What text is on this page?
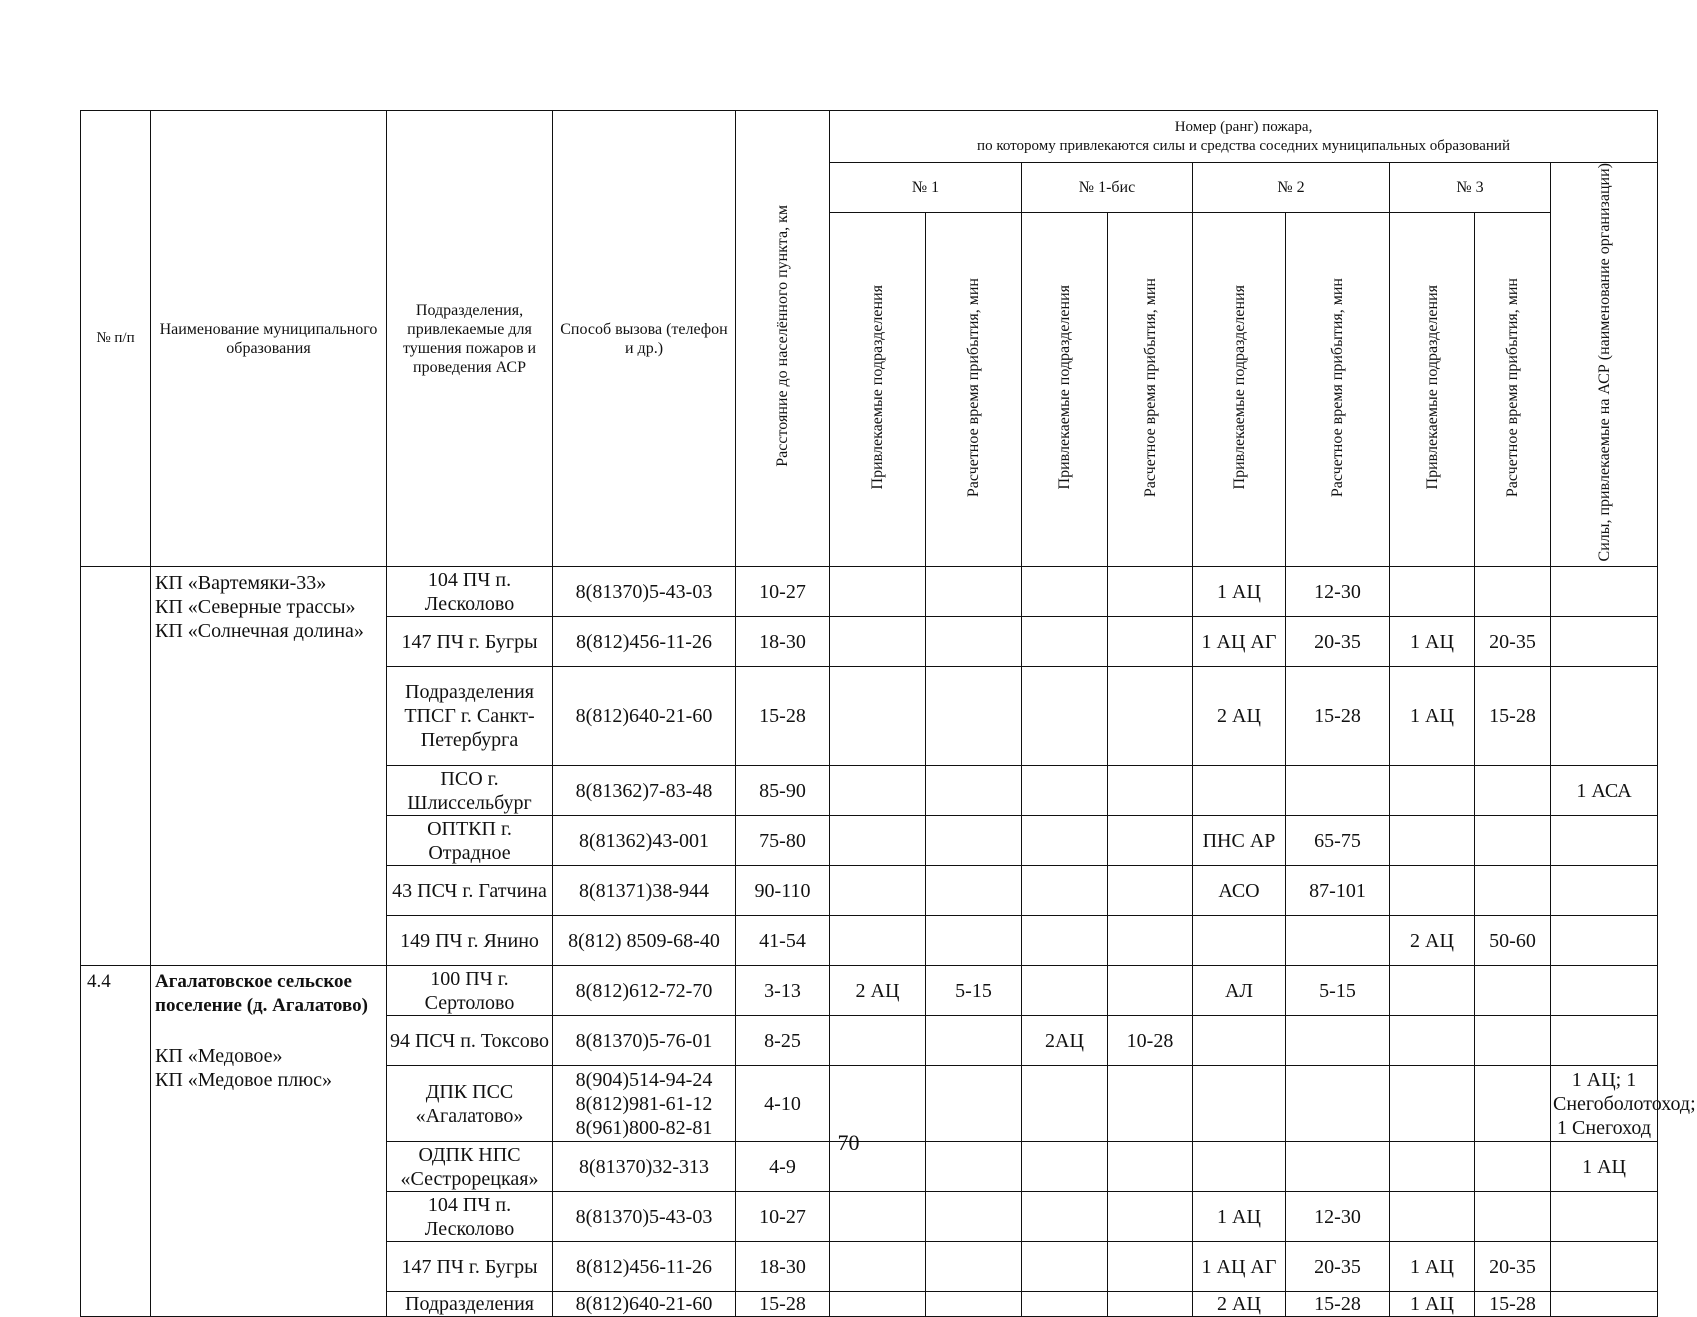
№ п/п	Наименование муниципального образования	Подразделения, привлекаемые для тушения пожаров и проведения АСР	Способ вызова (телефон и др.)	Расстояние до населённого пункта, км	Номер (ранг) пожара,
по которому привлекаются силы и средства соседних муниципальных образований								

					№ 1		№ 1-бис		№ 2		№ 3		Силы, привлекаемые на АСР (наименование организации)
					Привлекаемые подразделения	Расчетное время прибытия, мин	Привлекаемые подразделения	Расчетное время прибытия, мин	Привлекаемые подразделения	Расчетное время прибытия, мин	Привлекаемые подразделения	Расчетное время прибытия, мин	

	КП «Вартемяки-33»
КП «Северные трассы»
КП «Солнечная долина»	104 ПЧ п. Лесколово	8(81370)5-43-03	10-27					1 АЦ	12-30			
		147 ПЧ г. Бугры	8(812)456-11-26	18-30					1 АЦ АГ	20-35	1 АЦ	20-35	
		Подразделения ТПСГ г. Санкт-Петербурга	8(812)640-21-60	15-28					2 АЦ	15-28	1 АЦ	15-28	
		ПСО г. Шлиссельбург	8(81362)7-83-48	85-90									1 АСА
		ОПТКП г. Отрадное	8(81362)43-001	75-80					ПНС АР	65-75			
		43 ПСЧ г. Гатчина	8(81371)38-944	90-110					АСО	87-101			
		149 ПЧ г. Янино	8(812) 8509-68-40	41-54							2 АЦ	50-60	
4.4	Агалатовское сельское поселение (д. Агалатово)
КП «Медовое»
КП «Медовое плюс»	100 ПЧ г. Сертолово	8(812)612-72-70	3-13	2 АЦ	5-15			АЛ	5-15			
		94 ПСЧ п. Токсово	8(81370)5-76-01	8-25			2АЦ	10-28					
		ДПК ПСС «Агалатово»	8(904)514-94-24 8(812)981-61-12 8(961)800-82-81	4-10									1 АЦ; 1 Снегоболотоход; 1 Снегоход
		ОДПК НПС «Сестрорецкая»	8(81370)32-313	4-9									1 АЦ
		104 ПЧ п. Лесколово	8(81370)5-43-03	10-27					1 АЦ	12-30			
		147 ПЧ г. Бугры	8(812)456-11-26	18-30					1 АЦ АГ	20-35	1 АЦ	20-35	
		Подразделения	8(812)640-21-60	15-28					2 АЦ	15-28	1 АЦ	15-28	
70
